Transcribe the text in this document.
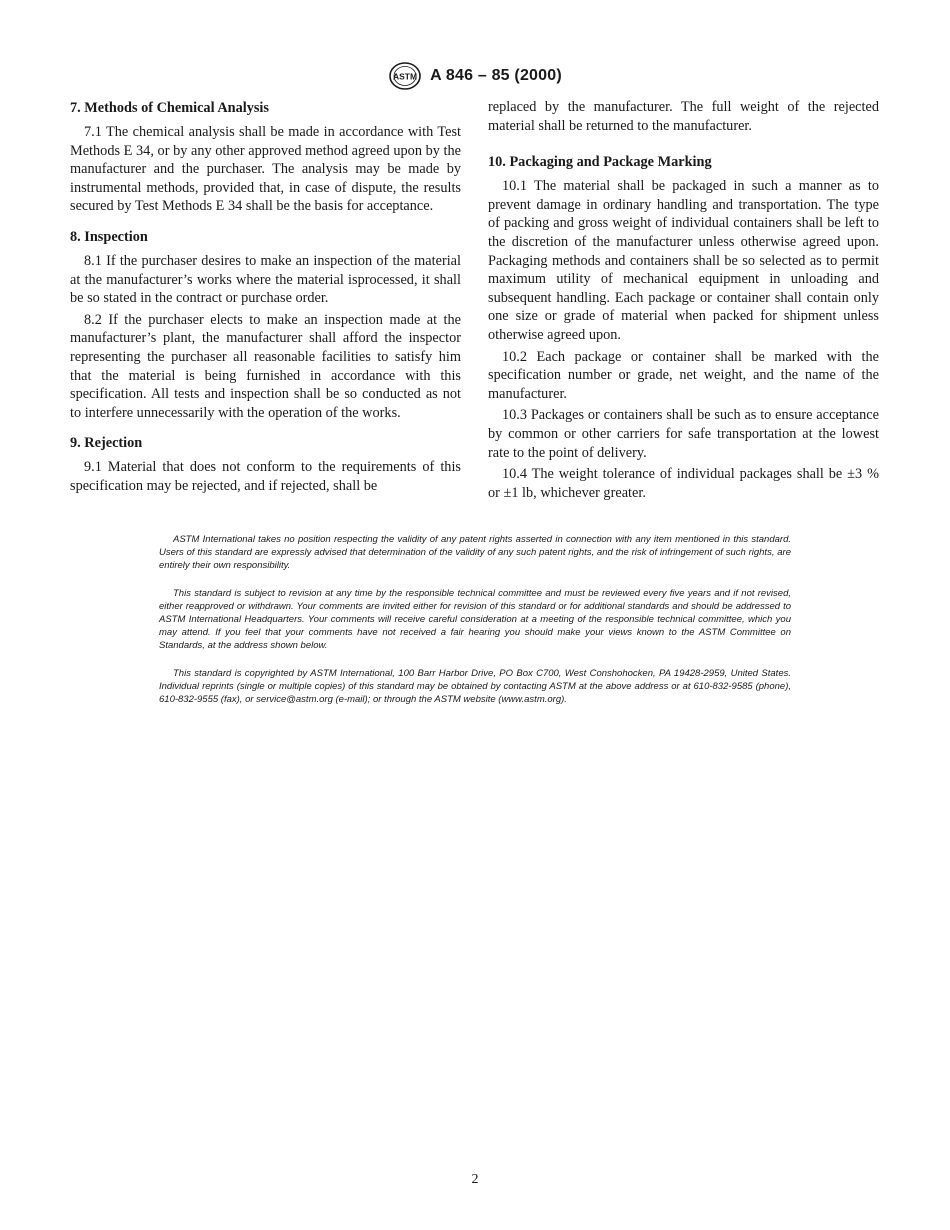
ASTM A 846 – 85 (2000)
7. Methods of Chemical Analysis

7.1 The chemical analysis shall be made in accordance with Test Methods E 34, or by any other approved method agreed upon by the manufacturer and the purchaser. The analysis may be made by instrumental methods, provided that, in case of dispute, the results secured by Test Methods E 34 shall be the basis for acceptance.

8. Inspection

8.1 If the purchaser desires to make an inspection of the material at the manufacturer’s works where the material isprocessed, it shall be so stated in the contract or purchase order.

8.2 If the purchaser elects to make an inspection made at the manufacturer’s plant, the manufacturer shall afford the inspector representing the purchaser all reasonable facilities to satisfy him that the material is being furnished in accordance with this specification. All tests and inspection shall be so conducted as not to interfere unnecessarily with the operation of the works.

9. Rejection

9.1 Material that does not conform to the requirements of this specification may be rejected, and if rejected, shall be

replaced by the manufacturer. The full weight of the rejected material shall be returned to the manufacturer.

10. Packaging and Package Marking

10.1 The material shall be packaged in such a manner as to prevent damage in ordinary handling and transportation. The type of packing and gross weight of individual containers shall be left to the discretion of the manufacturer unless otherwise agreed upon. Packaging methods and containers shall be so selected as to permit maximum utility of mechanical equipment in unloading and subsequent handling. Each package or container shall contain only one size or grade of material when packed for shipment unless otherwise agreed upon.

10.2 Each package or container shall be marked with the specification number or grade, net weight, and the name of the manufacturer.

10.3 Packages or containers shall be such as to ensure acceptance by common or other carriers for safe transportation at the lowest rate to the point of delivery.

10.4 The weight tolerance of individual packages shall be ±3 % or ±1 lb, whichever greater.

ASTM International takes no position respecting the validity of any patent rights asserted in connection with any item mentioned in this standard. Users of this standard are expressly advised that determination of the validity of any such patent rights, and the risk of infringement of such rights, are entirely their own responsibility.

This standard is subject to revision at any time by the responsible technical committee and must be reviewed every five years and if not revised, either reapproved or withdrawn. Your comments are invited either for revision of this standard or for additional standards and should be addressed to ASTM International Headquarters. Your comments will receive careful consideration at a meeting of the responsible technical committee, which you may attend. If you feel that your comments have not received a fair hearing you should make your views known to the ASTM Committee on Standards, at the address shown below.

This standard is copyrighted by ASTM International, 100 Barr Harbor Drive, PO Box C700, West Conshohocken, PA 19428-2959, United States. Individual reprints (single or multiple copies) of this standard may be obtained by contacting ASTM at the above address or at 610-832-9585 (phone), 610-832-9555 (fax), or service@astm.org (e-mail); or through the ASTM website (www.astm.org).

2
